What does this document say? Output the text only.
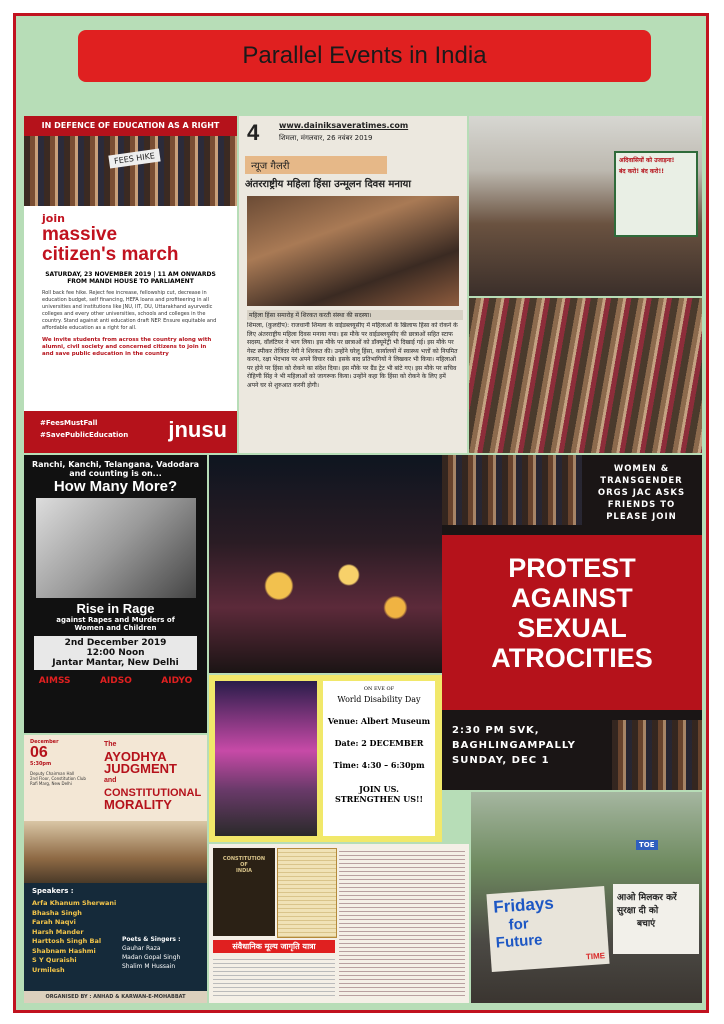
Parallel Events in India
IN DEFENCE OF EDUCATION AS A RIGHT
FEES HIKE
join
massive
citizen's march
SATURDAY, 23 NOVEMBER 2019 | 11 AM ONWARDS
FROM MANDI HOUSE TO PARLIAMENT
Roll back fee hike. Reject fee increase, fellowship cut, decrease in education budget, self financing, HEFA loans and profiteering in all universities and institutions like JNU, IIT, DU, Uttarakhand ayurvedic colleges and every other universities, schools and colleges in the country. Stand against anti education draft NEP. Ensure equitable and affordable education as a right for all.
We invite students from across the country along with alumni, civil society and concerned citizens to join in and save public education in the country
#FeesMustFall
#SavePublicEducation jnusu
4 www.dainiksaveratimes.com
शिमला, मंगलवार, 26 नवंबर 2019
न्यूज गैलरी
अंतरराष्ट्रीय महिला हिंसा उन्मूलन दिवस मनाया
महिला हिंसा समारोह में शिरकत करती संस्था की सदस्या।
शिमला, (कुलदीप): राजधानी शिमला के वाईडब्लयूसीए में महिलाओं के खिलाफ हिंसा को रोकने के लिए अंतरराष्ट्रीय महिला दिवस मनाया गया। इस मौके पर वाईडब्लयूसीए की छात्राओं सहित स्टाफ सदस्य, वॉलंटियर ने भाग लिया। इस मौके पर छात्राओं को डॉक्यूमेंट्री भी दिखाई गई। इस मौके पर गेस्ट स्पीकर तेजिंदर नेगी ने शिरकत की। उन्होंने घरेलू हिंसा, कार्यालयों में स्वास्थ्य भत्तों को नियमित करना, रक्षा भेदभाव पर अपने विचार रखे। इसके बाद प्रतिभागियों ने लिखकर भी किया। महिलाओं पर होने पर हिंसा को रोकने का संदेश दिया। इस मौके पर ग्रैंड ट्रेट भी बांटे गए। इस मौके पर सचिव रोहिणी सिंह ने भी महिलाओं को जागरूक किया। उन्होंने कहा कि हिंसा को रोकने के लिए हमें अपने घर से शुरुआत करनी होगी।
अदिवासियों को उजाड़ना!
बंद करो! बंद करो!!
Ranchi, Kanchi, Telangana, Vadodara
and counting is on...
How Many More?
Rise in Rage
against Rapes and Murders of
Women and Children
2nd December 2019
12:00 Noon
Jantar Mantar, New Delhi
AIMSS	AIDSO	AIDYO
WOMEN & TRANSGENDER ORGS JAC ASKS FRIENDS TO PLEASE JOIN
PROTEST
AGAINST
SEXUAL
ATROCITIES
2:30 PM SVK,
BAGHLINGAMPALLY
SUNDAY, DEC 1
ON EVE OF
World Disability Day
Venue: Albert Museum
Date: 2 DECEMBER
Time: 4:30 – 6:30pm
JOIN US.
STRENGTHEN US!!
December
06
5:30pm
Deputy Chairman Hall
2nd Floor, Constitution Club
Rafi Marg, New Delhi
The
AYODHYA
JUDGMENT
and
CONSTITUTIONAL
MORALITY
Speakers :
Arfa Khanum Sherwani
Bhasha Singh
Farah Naqvi
Harsh Mander
Harttosh Singh Bal
Shabnam Hashmi
S Y Quraishi
Urmilesh
Poets & Singers :
Gauhar Raza
Madan Gopal Singh
Shalim M Hussain
ORGANISED BY : ANHAD & KARWAN-E-MOHABBAT
CONSTITUTION
OF
INDIA
संवैधानिक मूल्य जागृति यात्रा
TOE
Fridays
for
Future
TIME
आओ मिलकर करें
सुरक्षा दी को
बचाएं
